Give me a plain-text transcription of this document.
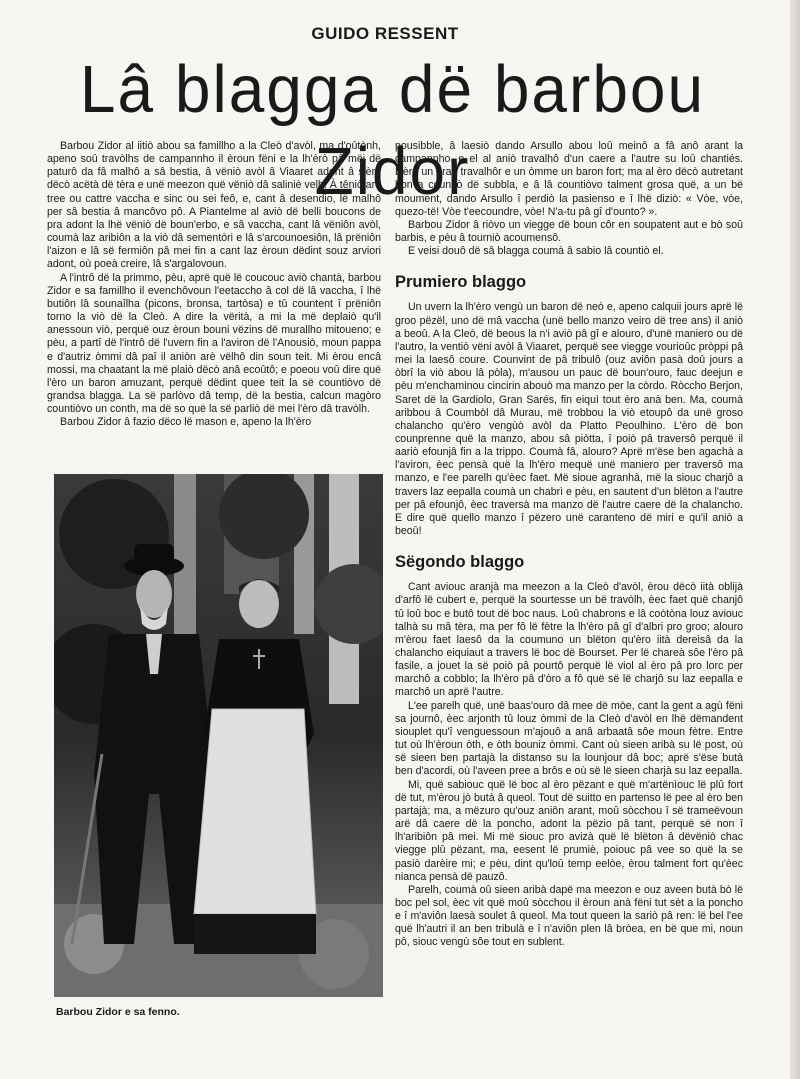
GUIDO RESSENT
Lâ blagga dë barbou Zidor

Barbou Zidor al iitiò abou sa famillho a la Cleò d'avòl, ma d'oûtònh, apeno soû travòlhs de campannho il èroun fëni e la lh'èrò pâ mëi dë paturô da fâ malhô a sâ bestia, â vëniò avòl â Viaaret adont â s'èro dëcò acëtà dë tèra e unë meezon quë vëniò dâ saliniè velh. À têniò arè tree ou cattre vaccha e sinc ou sei feô, e, cant â desendio, lë malhô per sâ bestia â mancôvo pô. A Piantelme al aviò dë belli boucons de pra adont la lhë vëniò dë boun'erbo, e sâ vaccha, cant lâ vëniôn avòl, coumà laz aribiôn a la viò dâ sementòri e lâ s'arcounoesiôn, lâ prëniôn l'aizon e lâ së fermiôn pâ mei fin a cant laz èroun dëdint souz arviori adont, où poeà creire, lâ s'argalovoun.

A l'intrô dë la primmo, pèu, aprë quë lë coucouc aviò chantà, barbou Zidor e sa famillho il evenchôvoun l'eetaccho â col dë lâ vaccha, î lhë butiôn lâ sounaîlha (picons, bronsa, tartòsa) e tû countent î prëniôn torno la viò dë la Cleò. A dire la vërità, a mi la më deplaiò qu'il anessoun viò, perquë ouz èroun bouni vëzins dë murallho mitoueno; e pèu, a partî dë l'intrô dë l'uvern fin a l'aviron dë l'Anousiò, moun pappa e d'autriz òmmi dâ paî il aniòn arè vëlhô din soun teit. Mi èrou encâ mossi, ma chaatant la më plaiò dëcò anâ ecoûtô; e poeou voû dire quë l'èro un baron amuzant, perquë dëdint quee teit la së countiòvo dë grandsa blagga. La së parlòvo dâ temp, dë la bestia, calcun magòro countiòvo un conth, ma dë so quë la së parliò dë mei l'èro dâ travòlh.

Barbou Zidor â fazio dëco lë mason e, apeno la lh'èro

Barbou Zidor e sa fenno.

pousibble, â laesiò dando Arsullo abou loû meinô a fâ anô arant la campannho, e el al aniò travalhô d'un caere a l'autre su loû chantiés. L'èro un gran travalhôr e un òmme un baron fort; ma al èro dëcò autretant bon a countiò dë subbla, e â lâ countiòvo talment grosa quë, a un bë moument, dando Arsullo î perdiò la pasienso e î lhë diziò: « Vòe, vòe, quezo-të! Vòe t'eecoundre, vòe! N'a-tu pâ gî d'ounto? ».

Barbou Zidor â riòvo un viegge dë boun côr en soupatent aut e bò soû barbis, e pèu â tourniò acoumensô.

E veisi douô dë sâ blagga coumà â sabio lâ countiò el.

Prumiero blaggo

Un uvern la lh'èro vengù un baron dë neò e, apeno calquii jours aprë lë groo pëzël, uno dë mâ vaccha (unë bello manzo veiro dë tree ans) il aniò a beoû. A la Cleò, dë beous la n'i aviò pâ gî e alouro, d'unë maniero ou dë l'autro, la ventiò vëni avòl â Viaaret, perquë see viegge vourioûc pròppi pâ mei la laesô coure. Counvint de pâ tribulô (ouz aviôn pasà doû jours a òbrî la viò abou lâ pòla), m'ausou un pauc dë boun'ouro, fauc deejun e pèu m'enchaminou cincirin abouò ma manzo per la còrdo. Ròccho Berjon, Saret dë la Gardiolo, Gran Sarés, fin eiquì tout èro anà ben. Ma, coumà aribbou â Coumbòl dâ Murau, më trobbou la viò etoupô da unë groso chalancho qu'èro vengùò avòl da Platto Peoulhino. L'èro dë bon counprenne quë la manzo, abou sâ piòtta, î poiò pâ traversô perquë il aariò efounjâ fin a la trippo. Coumà fâ, alouro? Aprë m'ëse ben agachà a l'aviron, èec pensà quë la lh'èro mequë unë maniero per traversô ma manzo, e l'ee parelh qu'èec faet. Më sioue agranhà, më la siouc charjô a travers laz eepalla coumà un chabrì e pèu, en sautent d'un blëton a l'autre per pâ efounjô, èec traversà ma manzo dë l'autre caere dë la chalancho. E dire quë quello manzo î pëzero unë caranteno dë miri e qu'il aniò a beoû!

Sëgondo blaggo

Cant aviouc aranjà ma meezon a la Cleò d'avòl, èrou dëcò iità oblijà d'arfô lë cubert e, perquë la sourtesse un bë travòlh, èec faet quë chanjô tû loû boc e butô tout dë boc naus. Loû chabrons e lâ coòtòna louz aviouc talhà su mâ tèra, ma per fô lë fètre la lh'èro pâ gî d'albri pro groo; alouro m'èrou faet laesô da la coumuno un blëton qu'èro iità dereisâ da la chalancho eiquiaut a travers lë boc dë Bourset. Per lë chareà sôe l'èro pâ fasile, a jouet la së poiò pâ pourtô perquë lë viol al èro pâ pro lorc per marchô a cobblo; la lh'èro pâ d'òro a fô quë së lë charjô su laz eepalla e marchô un aprë l'autre.

L'ee parelh quë, unë baas'ouro dâ mee dë mòe, cant la gent a agù fëni sa journô, èec arjonth tû louz òmmi de la Cleò d'avòl en lhë dëmandent siouplet qu'î venguessoun m'ajouô a anâ arbaatâ sôe moun fètre. Entre tut où lh'èroun òth, e òth bouniz òmmi. Cant où sieen aribà su lë post, où së sieen ben partajà la distanso su la lounjour dâ boc; aprë s'ëse butà ben d'acordi, où l'aveen pree a brôs e où së lë sieen charjà su laz eepalla.

Mi, quë sabiouc quë lë boc al èro pëzant e quë m'artënìouc lë plû fort dë tut, m'èrou jò butà â queol. Tout dë suitto en partenso lë pee al èro ben partajà; ma, a mëzuro qu'ouz aniôn arant, moû sòcchou î së trameëvoun arë dâ caere dë la poncho, adont la pëzio pâ tant, perquë së non î lh'aribiôn pâ mei. Mi më siouc pro avizà quë lë blëton â dëvëniò chac viegge plû pëzant, ma, eesent lë prumiè, poiouc pâ vee so quë la se pasiò darèire mi; e pèu, dint qu'loû temp eelòe, èrou talment fort qu'èec nianca pensà dë pauzô.

Parelh, coumà oû sieen aribà dapë ma meezon e ouz aveen butà bò lë boc pel sol, èec vit quë moû sòcchou il èroun anà fëni tut sèt a la poncho e î m'aviôn laesà soulet â queol. Ma tout queen la sariò pâ ren: lë bel l'ee quë lh'autri il an ben tribulà e î n'aviôn plen lâ bròea, en bë que mi, noun pô, siouc vengù sôe tout en sublent.
